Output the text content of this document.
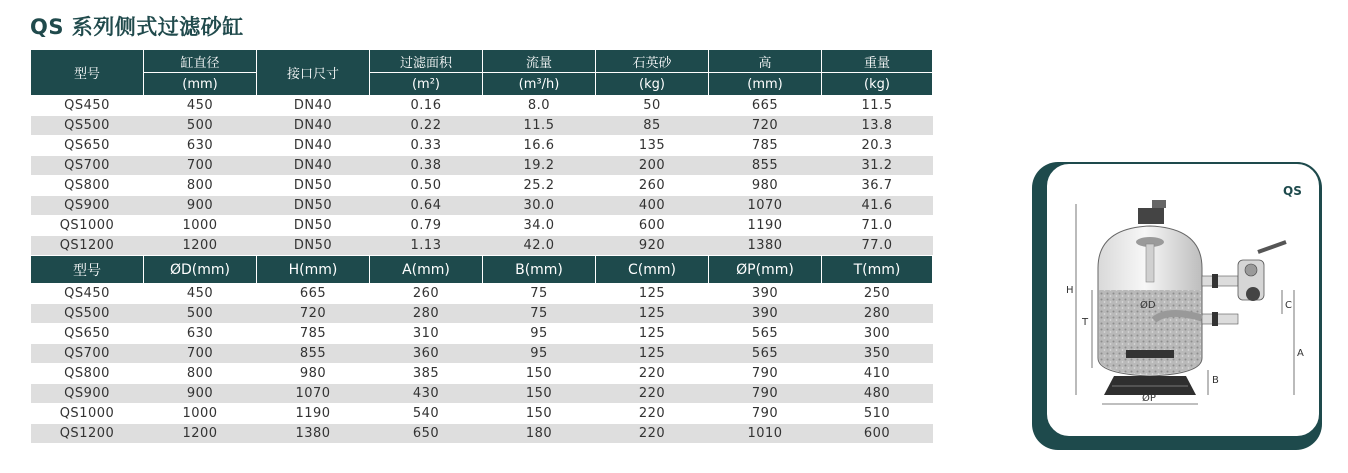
QS 系列侧式过滤砂缸
型号	缸直径	接口尺寸	过滤面积	流量	石英砂	高	重量
	(mm)		(m²)	(m³/h)	(kg)	(mm)	(kg)
QS450	450	DN40	0.16	8.0	50	665	11.5
QS500	500	DN40	0.22	11.5	85	720	13.8
QS650	630	DN40	0.33	16.6	135	785	20.3
QS700	700	DN40	0.38	19.2	200	855	31.2
QS800	800	DN50	0.50	25.2	260	980	36.7
QS900	900	DN50	0.64	30.0	400	1070	41.6
QS1000	1000	DN50	0.79	34.0	600	1190	71.0
QS1200	1200	DN50	1.13	42.0	920	1380	77.0
型号	ØD(mm)	H(mm)	A(mm)	B(mm)	C(mm)	ØP(mm)	T(mm)
QS450	450	665	260	75	125	390	250
QS500	500	720	280	75	125	390	280
QS650	630	785	310	95	125	565	300
QS700	700	855	360	95	125	565	350
QS800	800	980	385	150	220	790	410
QS900	900	1070	430	150	220	790	480
QS1000	1000	1190	540	150	220	790	510
QS1200	1200	1380	650	180	220	1010	600
QS
H
T
ØD	C
A
B
ØP
